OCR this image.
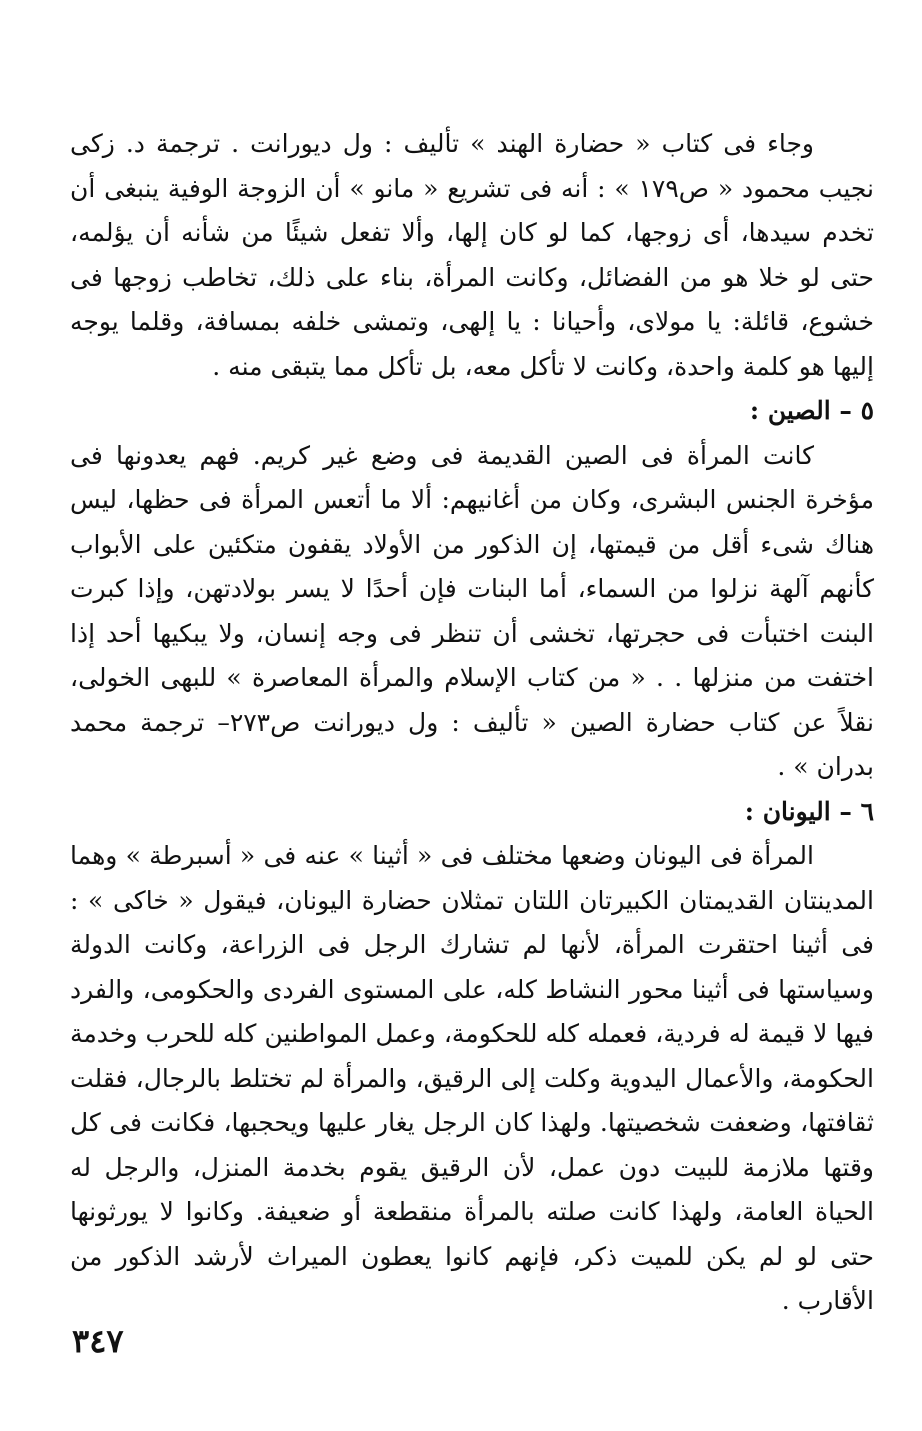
وجاء فى كتاب « حضارة الهند » تأليف : ول ديورانت . ترجمة د. زكى نجيب محمود « ص١٧٩ » : أنه فى تشريع « مانو » أن الزوجة الوفية ينبغى أن تخدم سيدها، أى زوجها، كما لو كان إلها، وألا تفعل شيئًا من شأنه أن يؤلمه، حتى لو خلا هو من الفضائل، وكانت المرأة، بناء على ذلك، تخاطب زوجها فى خشوع، قائلة: يا مولاى، وأحيانا : يا إلهى، وتمشى خلفه بمسافة، وقلما يوجه إليها هو كلمة واحدة، وكانت لا تأكل معه، بل تأكل مما يتبقى منه .

٥ – الصين :

كانت المرأة فى الصين القديمة فى وضع غير كريم. فهم يعدونها فى مؤخرة الجنس البشرى، وكان من أغانيهم: ألا ما أتعس المرأة فى حظها، ليس هناك شىء أقل من قيمتها، إن الذكور من الأولاد يقفون متكئين على الأبواب كأنهم آلهة نزلوا من السماء، أما البنات فإن أحدًا لا يسر بولادتهن، وإذا كبرت البنت اختبأت فى حجرتها، تخشى أن تنظر فى وجه إنسان، ولا يبكيها أحد إذا اختفت من منزلها . . « من كتاب الإسلام والمرأة المعاصرة » للبهى الخولى، نقلاً عن كتاب حضارة الصين « تأليف : ول ديورانت ص٢٧٣– ترجمة محمد بدران » .

٦ – اليونان :

المرأة فى اليونان وضعها مختلف فى « أثينا » عنه فى « أسبرطة » وهما المدينتان القديمتان الكبيرتان اللتان تمثلان حضارة اليونان، فيقول « خاكى » : فى أثينا احتقرت المرأة، لأنها لم تشارك الرجل فى الزراعة، وكانت الدولة وسياستها فى أثينا محور النشاط كله، على المستوى الفردى والحكومى، والفرد فيها لا قيمة له فردية، فعمله كله للحكومة، وعمل المواطنين كله للحرب وخدمة الحكومة، والأعمال اليدوية وكلت إلى الرقيق، والمرأة لم تختلط بالرجال، فقلت ثقافتها، وضعفت شخصيتها. ولهذا كان الرجل يغار عليها ويحجبها، فكانت فى كل وقتها ملازمة للبيت دون عمل، لأن الرقيق يقوم بخدمة المنزل، والرجل له الحياة العامة، ولهذا كانت صلته بالمرأة منقطعة أو ضعيفة. وكانوا لا يورثونها حتى لو لم يكن للميت ذكر، فإنهم كانوا يعطون الميراث لأرشد الذكور من الأقارب .

٣٤٧
